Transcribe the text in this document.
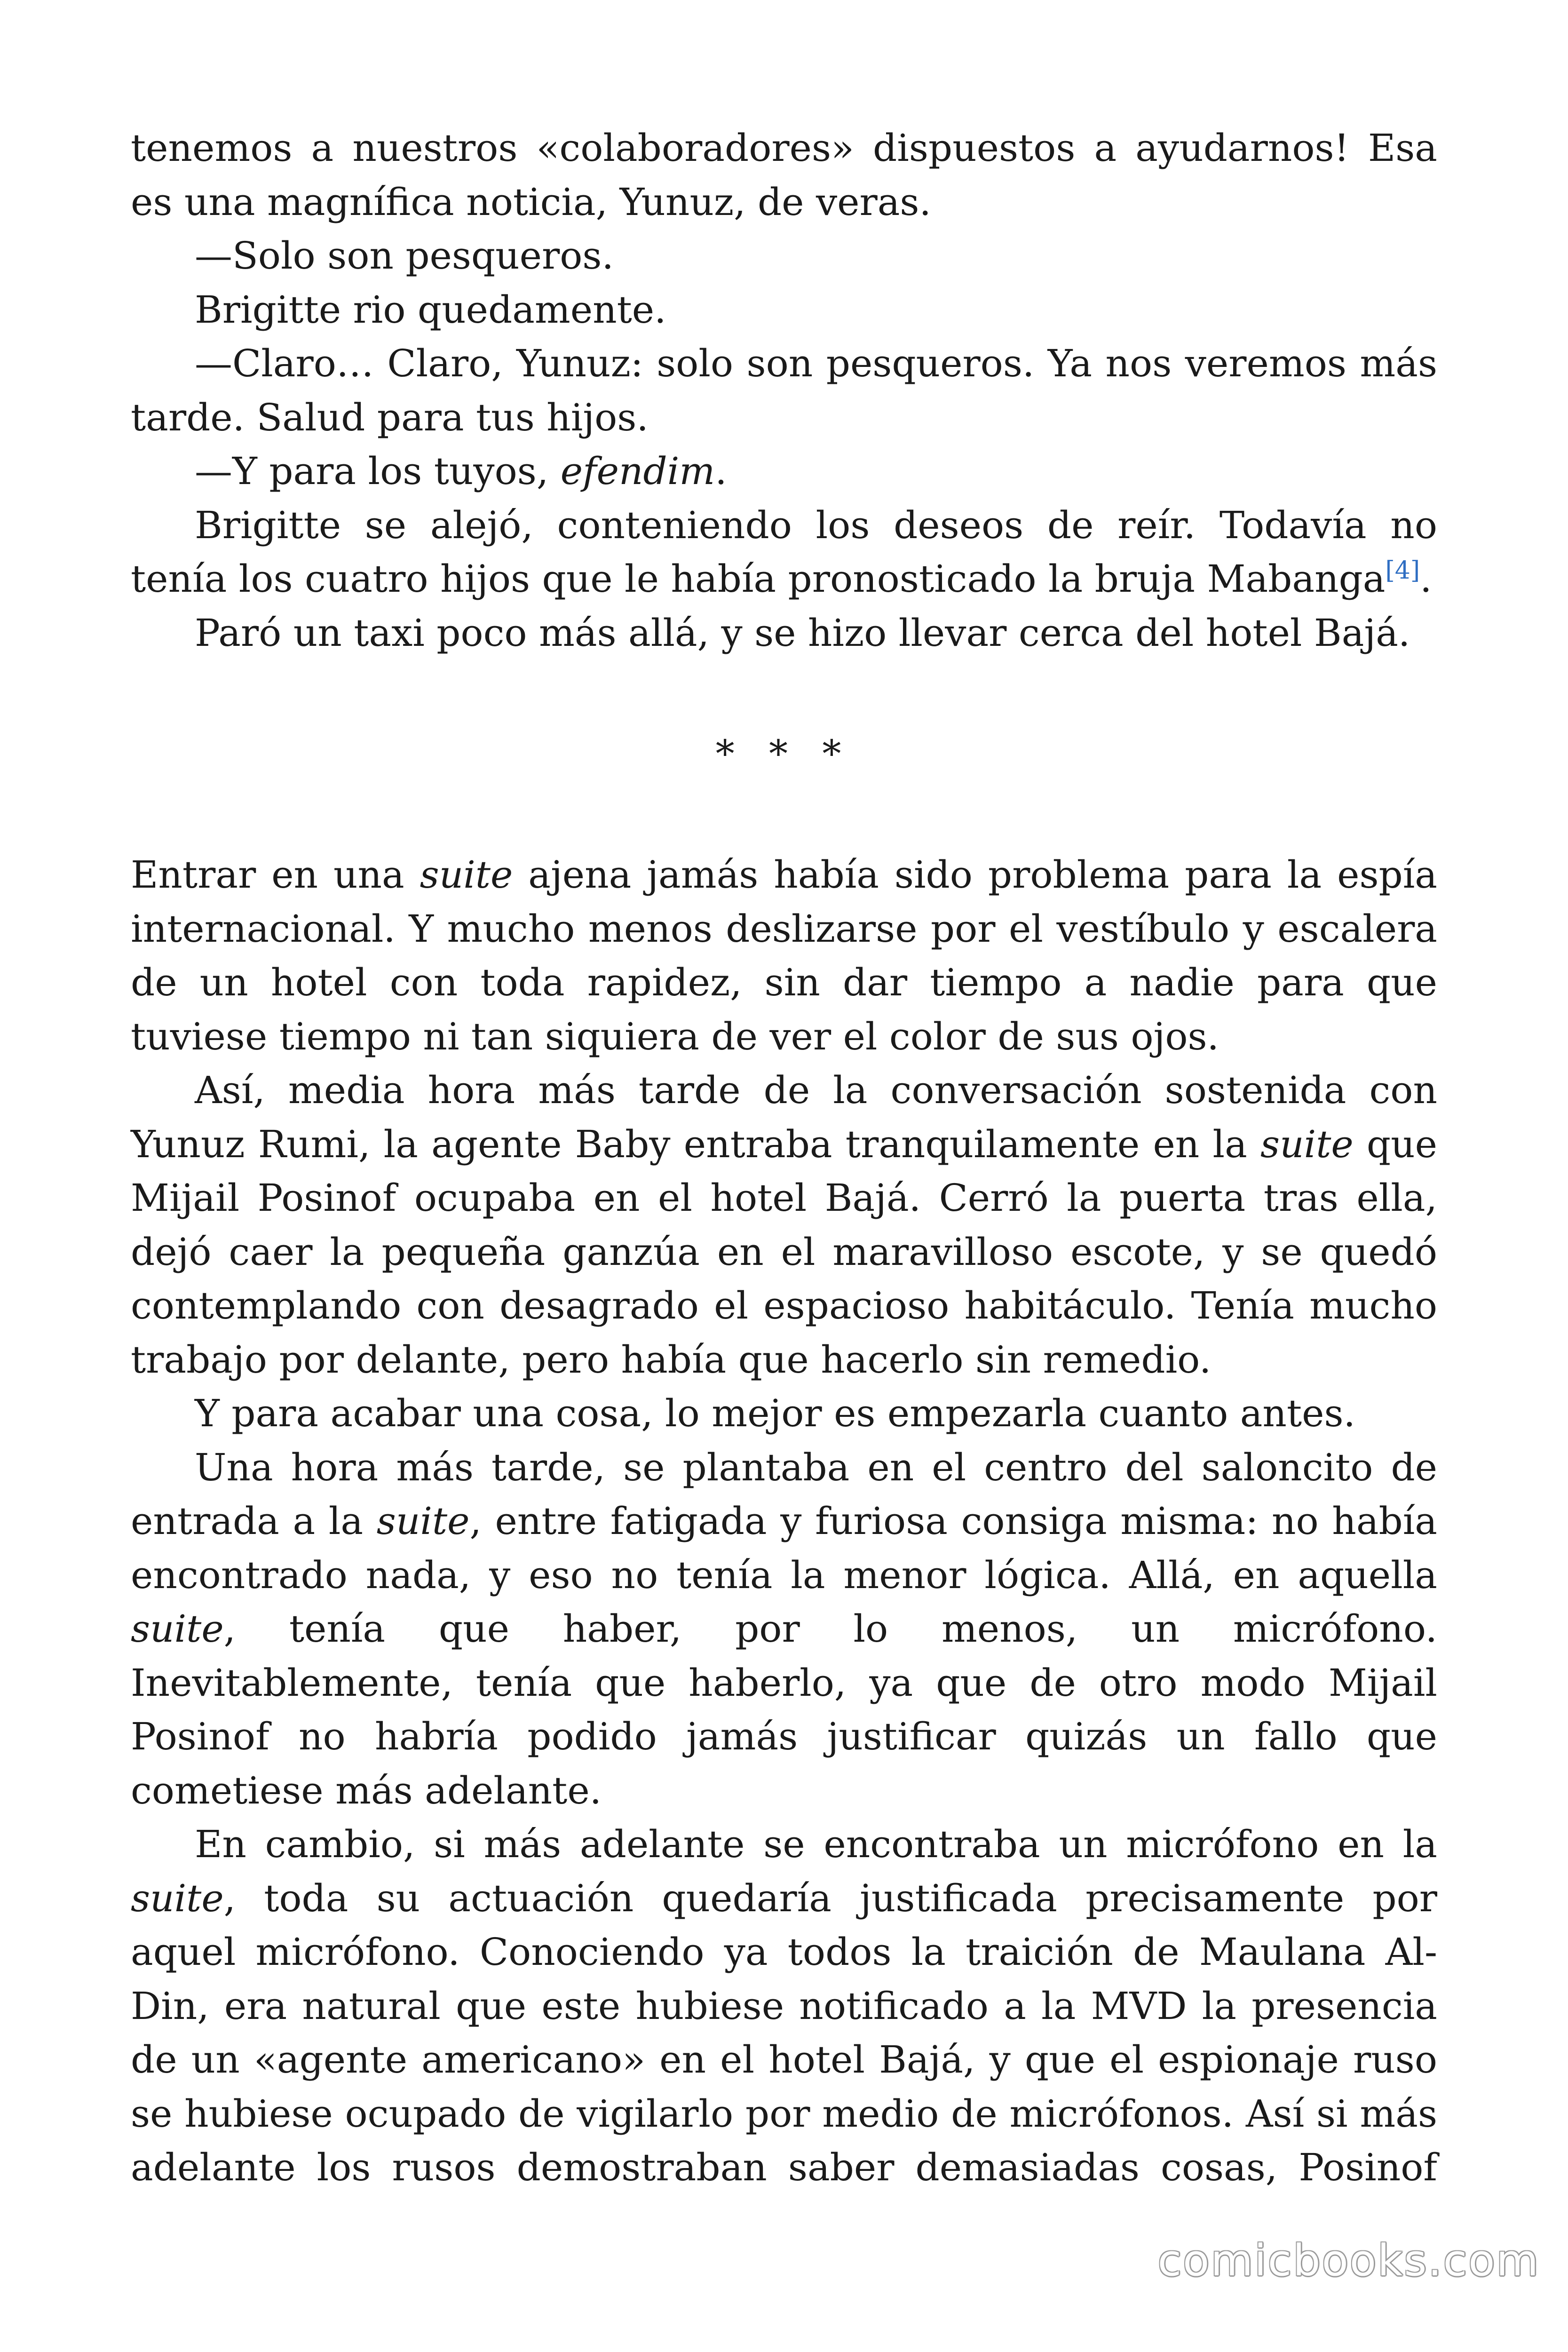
tenemos a nuestros «colaboradores» dispuestos a ayudarnos! Esa es una magnífica noticia, Yunuz, de veras.

—Solo son pesqueros.

Brigitte rio quedamente.

—Claro… Claro, Yunuz: solo son pesqueros. Ya nos veremos más tarde. Salud para tus hijos.

—Y para los tuyos, efendim.

Brigitte se alejó, conteniendo los deseos de reír. Todavía no tenía los cuatro hijos que le había pronosticado la bruja Mabanga[4].

Paró un taxi poco más allá, y se hizo llevar cerca del hotel Bajá.

* * *

Entrar en una suite ajena jamás había sido problema para la espía internacional. Y mucho menos deslizarse por el vestíbulo y escalera de un hotel con toda rapidez, sin dar tiempo a nadie para que tuviese tiempo ni tan siquiera de ver el color de sus ojos.

Así, media hora más tarde de la conversación sostenida con Yunuz Rumi, la agente Baby entraba tranquilamente en la suite que Mijail Posinof ocupaba en el hotel Bajá. Cerró la puerta tras ella, dejó caer la pequeña ganzúa en el maravilloso escote, y se quedó contemplando con desagrado el espacioso habitáculo. Tenía mucho trabajo por delante, pero había que hacerlo sin remedio.

Y para acabar una cosa, lo mejor es empezarla cuanto antes.

Una hora más tarde, se plantaba en el centro del saloncito de entrada a la suite, entre fatigada y furiosa consiga misma: no había encontrado nada, y eso no tenía la menor lógica. Allá, en aquella suite, tenía que haber, por lo menos, un micrófono. Inevitablemente, tenía que haberlo, ya que de otro modo Mijail Posinof no habría podido jamás justificar quizás un fallo que cometiese más adelante.

En cambio, si más adelante se encontraba un micrófono en la suite, toda su actuación quedaría justificada precisamente por aquel micrófono. Conociendo ya todos la traición de Maulana Al-Din, era natural que este hubiese notificado a la MVD la presencia de un «agente americano» en el hotel Bajá, y que el espionaje ruso se hubiese ocupado de vigilarlo por medio de micrófonos. Así si más adelante los rusos demostraban saber demasiadas cosas, Posinof

comicbooks.com
